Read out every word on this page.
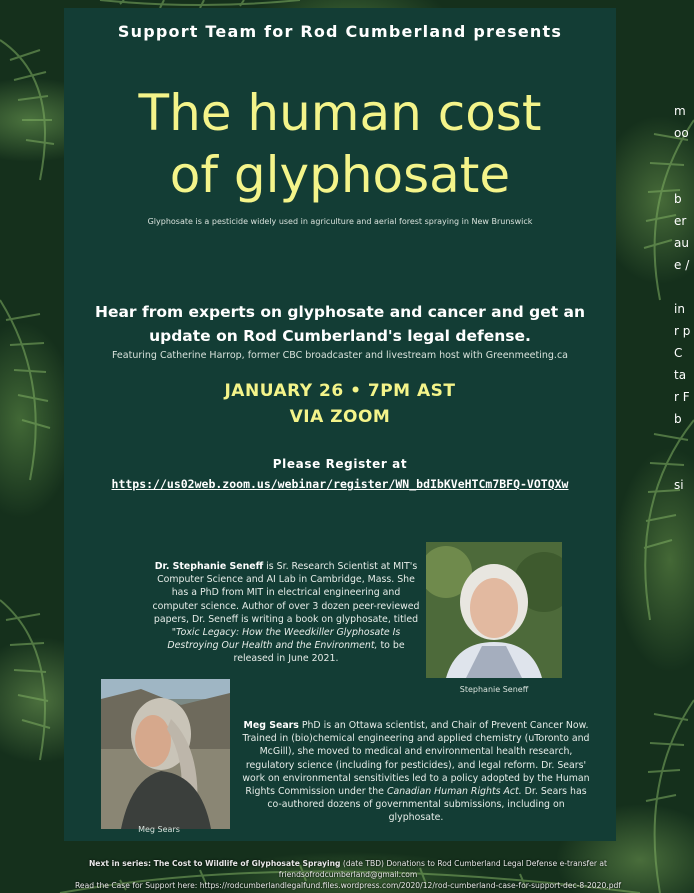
Support Team for Rod Cumberland presents
The human cost
of glyphosate
Glyphosate is a pesticide widely used in agriculture and aerial forest spraying in New Brunswick
Hear from experts on glyphosate and cancer and get an update on Rod Cumberland's legal defense.
Featuring Catherine Harrop, former CBC broadcaster and livestream host with Greenmeeting.ca
JANUARY 26 • 7PM AST
VIA ZOOM
Please Register at
https://us02web.zoom.us/webinar/register/WN_bdIbKVeHTCm7BFQ-VOTQXw
Dr. Stephanie Seneff is Sr. Research Scientist at MIT's Computer Science and AI Lab in Cambridge, Mass. She has a PhD from MIT in electrical engineering and computer science. Author of over 3 dozen peer-reviewed papers, Dr. Seneff is writing a book on glyphosate, titled "Toxic Legacy: How the Weedkiller Glyphosate Is Destroying Our Health and the Environment, to be released in June 2021.
Stephanie Seneff
Meg Sears
Meg Sears PhD is an Ottawa scientist, and Chair of Prevent Cancer Now. Trained in (bio)chemical engineering and applied chemistry (uToronto and McGill), she moved to medical and environmental health research, regulatory science (including for pesticides), and legal reform. Dr. Sears' work on environmental sensitivities led to a policy adopted by the Human Rights Commission under the Canadian Human Rights Act. Dr. Sears has co-authored dozens of governmental submissions, including on glyphosate.
m
oo
b
er
au
e /
in
r p
C
ta
r F
b
si
Next in series: The Cost to Wildlife of Glyphosate Spraying (date TBD) Donations to Rod Cumberland Legal Defense e-transfer at friendsofrodcumberland@gmail.com
Read the Case for Support here: https://rodcumberlandlegalfund.files.wordpress.com/2020/12/rod-cumberland-case-for-support-dec-8-2020.pdf
